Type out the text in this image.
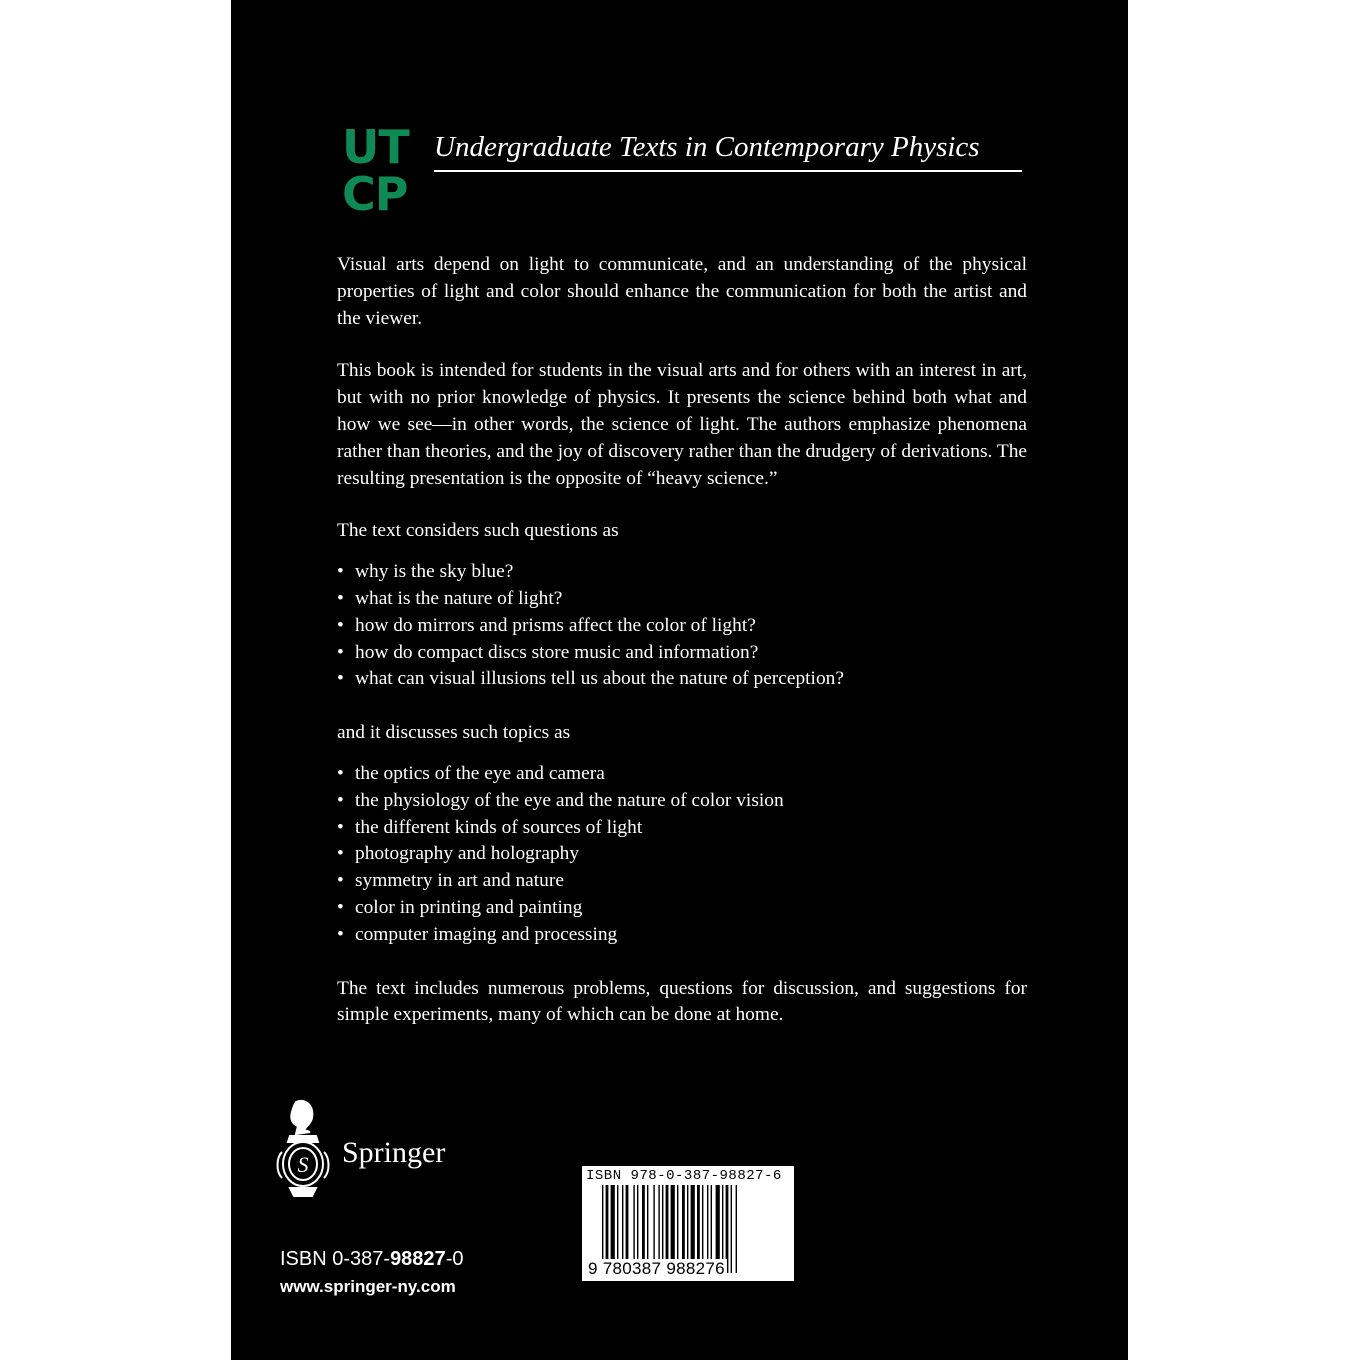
UT
CP
Undergraduate Texts in Contemporary Physics

Visual arts depend on light to communicate, and an understanding of the physical properties of light and color should enhance the communication for both the artist and the viewer.

This book is intended for students in the visual arts and for others with an interest in art, but with no prior knowledge of physics. It presents the science behind both what and how we see—in other words, the science of light. The authors emphasize phenomena rather than theories, and the joy of discovery rather than the drudgery of derivations. The resulting presentation is the opposite of “heavy science.”

The text considers such questions as

• why is the sky blue?
• what is the nature of light?
• how do mirrors and prisms affect the color of light?
• how do compact discs store music and information?
• what can visual illusions tell us about the nature of perception?

and it discusses such topics as

• the optics of the eye and camera
• the physiology of the eye and the nature of color vision
• the different kinds of sources of light
• photography and holography
• symmetry in art and nature
• color in printing and painting
• computer imaging and processing

The text includes numerous problems, questions for discussion, and suggestions for simple experiments, many of which can be done at home.

S Springer
ISBN 0-387-98827-0
www.springer-ny.com
ISBN 978-0-387-98827-6
9 780387 988276
